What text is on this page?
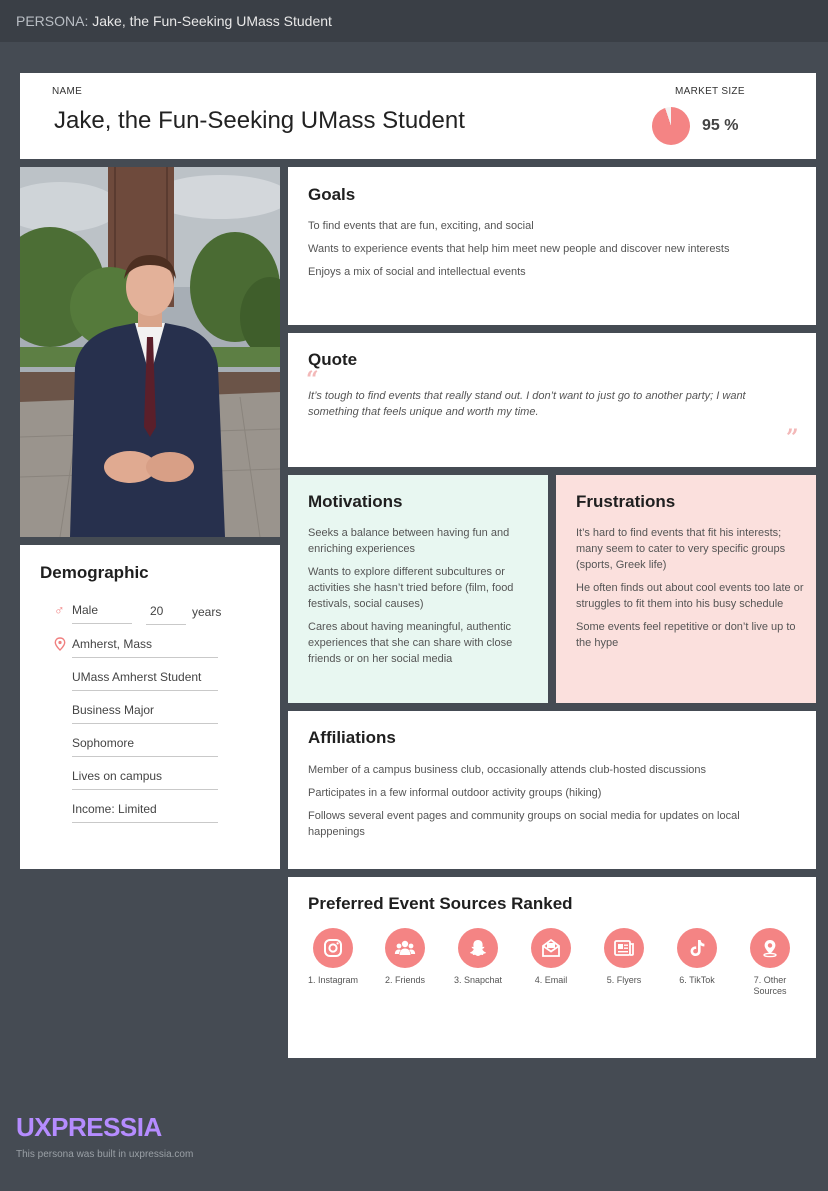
PERSONA: Jake, the Fun-Seeking UMass Student
NAME
Jake, the Fun-Seeking UMass Student
MARKET SIZE
95 %
Goals

To find events that are fun, exciting, and social

Wants to experience events that help him meet new people and discover new interests

Enjoys a mix of social and intellectual events

Quote
“
It’s tough to find events that really stand out. I don’t want to just go to another party; I want something that feels unique and worth my time.
”
Motivations

Seeks a balance between having fun and enriching experiences

Wants to explore different subcultures or activities she hasn’t tried before (film, food festivals, social causes)

Cares about having meaningful, authentic experiences that she can share with close friends or on her social media

Frustrations

It’s hard to find events that fit his interests; many seem to cater to very specific groups (sports, Greek life)

He often finds out about cool events too late or struggles to fit them into his busy schedule

Some events feel repetitive or don’t live up to the hype

Demographic
♂ Male	20	years
Amherst, Mass
UMass Amherst Student
Business Major
Sophomore
Lives on campus
Income: Limited
Affiliations

Member of a campus business club, occasionally attends club-hosted discussions

Participates in a few informal outdoor activity groups (hiking)

Follows several event pages and community groups on social media for updates on local happenings

Preferred Event Sources Ranked
1. Instagram	2. Friends	3. Snapchat	4. Email	5. Flyers	6. TikTok	7. Other Sources
UXPRESSIA
This persona was built in uxpressia.com
